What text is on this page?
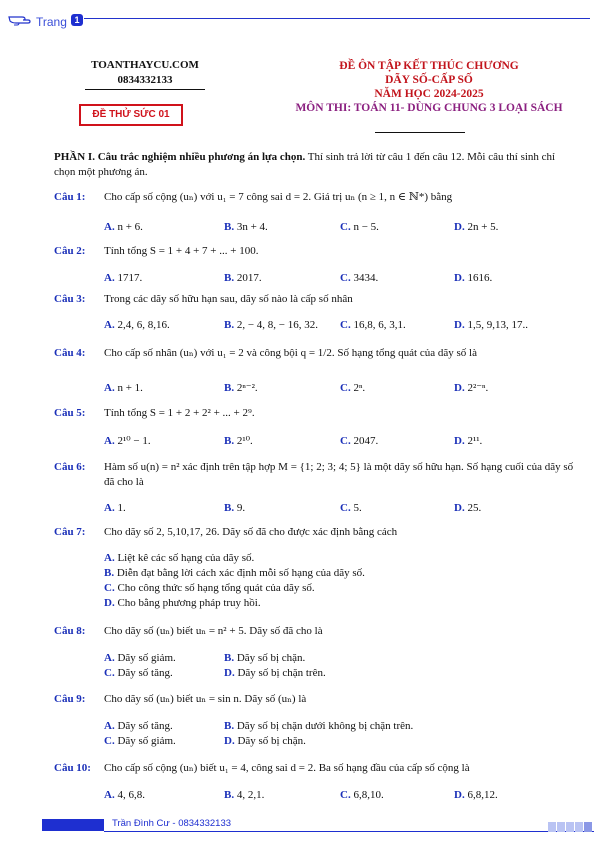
Trang 1
TOANTHAYCU.COM
0834332133
ĐỀ THỬ SỨC 01
ĐỀ ÔN TẬP KẾT THÚC CHƯƠNG
DÃY SỐ-CẤP SỐ
NĂM HỌC 2024-2025
MÔN THI: TOÁN 11- DÙNG CHUNG 3 LOẠI SÁCH
PHẦN I. Câu trắc nghiệm nhiều phương án lựa chọn. Thí sinh trả lời từ câu 1 đến câu 12. Mỗi câu thí sinh chỉ chọn một phương án.
Câu 1: Cho cấp số cộng (uₙ) với u₁ = 7 công sai d = 2. Giá trị uₙ (n ≥ 1, n ∈ ℕ*) bằng
A. n + 6.	B. 3n + 4.	C. n − 5.	D. 2n + 5.
Câu 2: Tính tổng S = 1 + 4 + 7 + ... + 100.
A. 1717.	B. 2017.	C. 3434.	D. 1616.
Câu 3: Trong các dãy số hữu hạn sau, dãy số nào là cấp số nhân
A. 2,4, 6, 8,16.	B. 2, − 4, 8, − 16, 32. C. 16,8, 6, 3,1.	D. 1,5, 9,13, 17..
Câu 4: Cho cấp số nhân (uₙ) với u₁ = 2 và công bội q = 1/2. Số hạng tổng quát của dãy số là
A. n + 1.	B. 2ⁿ⁻².	C. 2ⁿ.	D. 2²⁻ⁿ.
Câu 5: Tính tổng S = 1 + 2 + 2² + ... + 2⁹.
A. 2¹⁰ − 1.	B. 2¹⁰.	C. 2047.	D. 2¹¹.
Câu 6: Hàm số u(n) = n² xác định trên tập hợp M = {1; 2; 3; 4; 5} là một dãy số hữu hạn. Số hạng cuối của dãy số đã cho là
A. 1.	B. 9.	C. 5.	D. 25.
Câu 7: Cho dãy số 2, 5,10,17, 26. Dãy số đã cho được xác định bằng cách
A. Liệt kê các số hạng của dãy số.
B. Diễn đạt bằng lời cách xác định mỗi số hạng của dãy số.
C. Cho công thức số hạng tổng quát của dãy số.
D. Cho bằng phương pháp truy hồi.
Câu 8: Cho dãy số (uₙ) biết uₙ = n² + 5. Dãy số đã cho là
A. Dãy số giảm.	B. Dãy số bị chặn.
C. Dãy số tăng.	D. Dãy số bị chặn trên.
Câu 9: Cho dãy số (uₙ) biết uₙ = sin n. Dãy số (uₙ) là
A. Dãy số tăng.	B. Dãy số bị chặn dưới không bị chặn trên.
C. Dãy số giảm.	D. Dãy số bị chặn.
Câu 10: Cho cấp số cộng (uₙ) biết u₁ = 4, công sai d = 2. Ba số hạng đầu của cấp số cộng là
A. 4, 6,8.	B. 4, 2,1.	C. 6,8,10.	D. 6,8,12.
Trần Đình Cư - 0834332133
